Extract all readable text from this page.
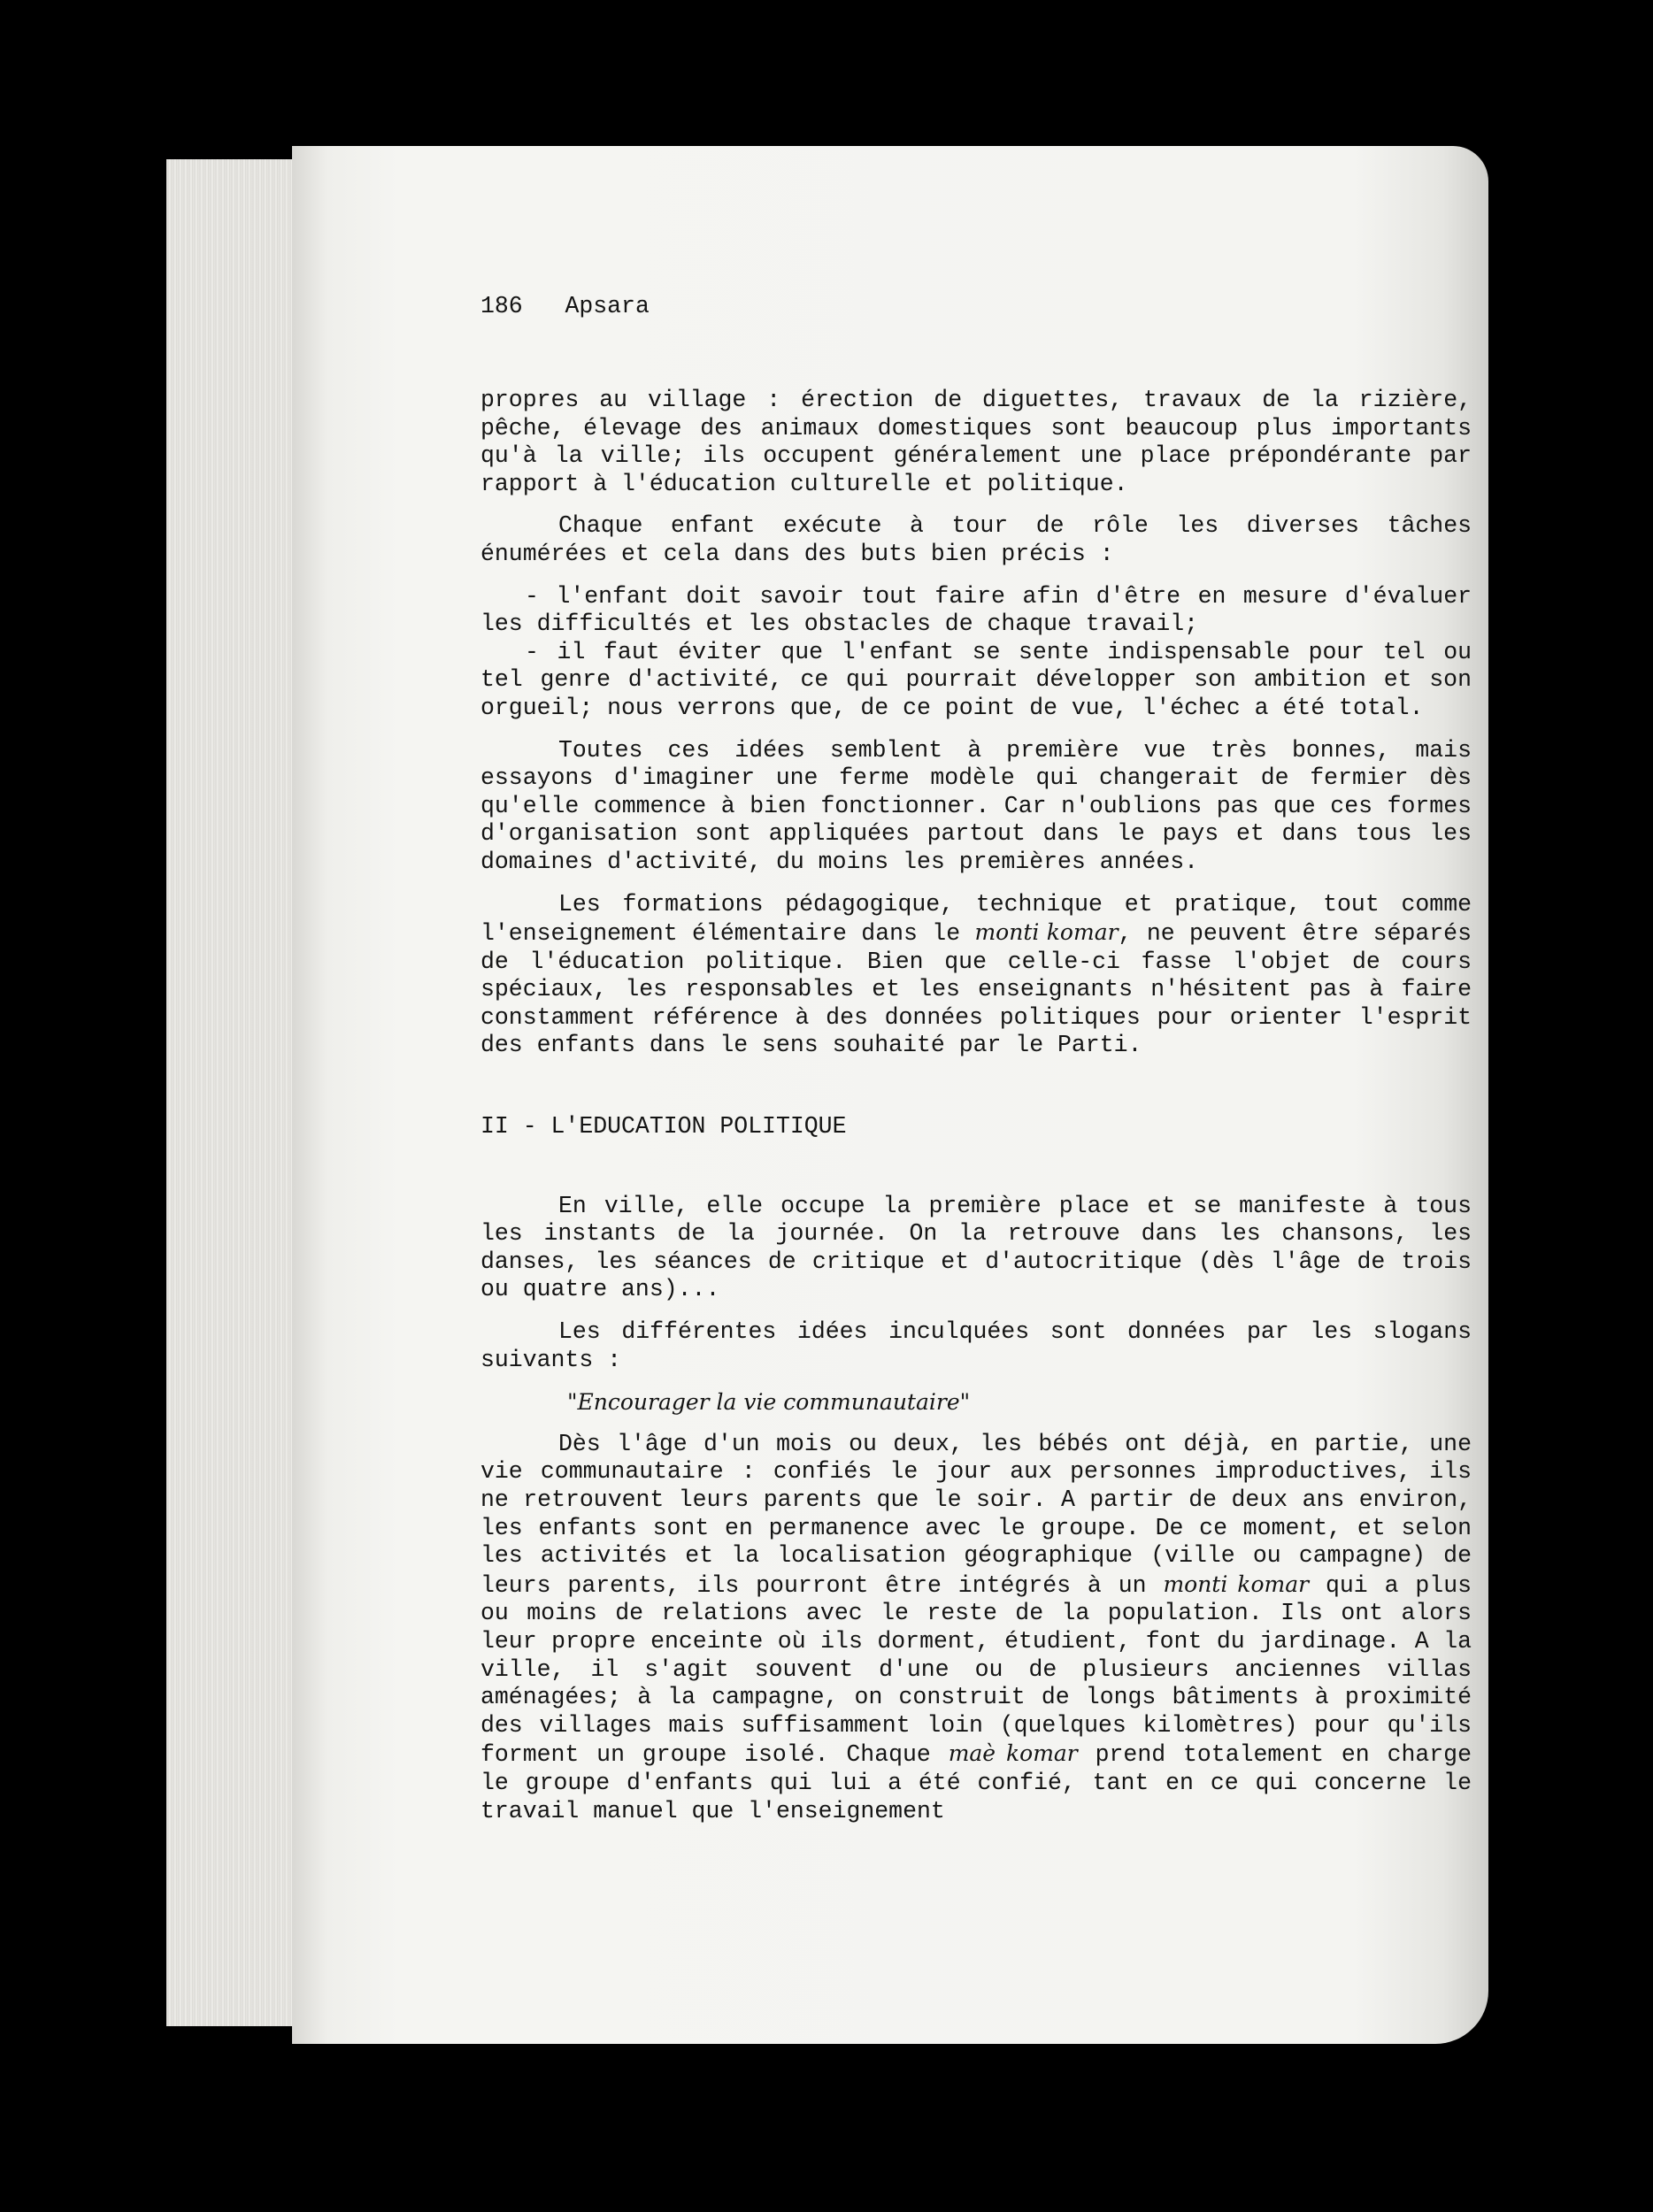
186 Apsara

propres au village : érection de diguettes, travaux de la rizière, pêche, élevage des animaux domestiques sont beaucoup plus importants qu'à la ville; ils occupent généralement une place prépondérante par rapport à l'éducation culturelle et politique.

Chaque enfant exécute à tour de rôle les diverses tâches énumérées et cela dans des buts bien précis :

- l'enfant doit savoir tout faire afin d'être en mesure d'évaluer les difficultés et les obstacles de chaque travail;

- il faut éviter que l'enfant se sente indispensable pour tel ou tel genre d'activité, ce qui pourrait développer son ambition et son orgueil; nous verrons que, de ce point de vue, l'échec a été total.

Toutes ces idées semblent à première vue très bonnes, mais essayons d'imaginer une ferme modèle qui changerait de fermier dès qu'elle commence à bien fonctionner. Car n'oublions pas que ces formes d'organisation sont appliquées partout dans le pays et dans tous les domaines d'activité, du moins les premières années.

Les formations pédagogique, technique et pratique, tout comme l'enseignement élémentaire dans le monti komar, ne peuvent être séparés de l'éducation politique. Bien que celle-ci fasse l'objet de cours spéciaux, les responsables et les enseignants n'hésitent pas à faire constamment référence à des données politiques pour orienter l'esprit des enfants dans le sens souhaité par le Parti.

II - L'EDUCATION POLITIQUE

En ville, elle occupe la première place et se manifeste à tous les instants de la journée. On la retrouve dans les chansons, les danses, les séances de critique et d'autocritique (dès l'âge de trois ou quatre ans)...

Les différentes idées inculquées sont données par les slogans suivants :

"Encourager la vie communautaire"

Dès l'âge d'un mois ou deux, les bébés ont déjà, en partie, une vie communautaire : confiés le jour aux personnes improductives, ils ne retrouvent leurs parents que le soir. A partir de deux ans environ, les enfants sont en permanence avec le groupe. De ce moment, et selon les activités et la localisation géographique (ville ou campagne) de leurs parents, ils pourront être intégrés à un monti komar qui a plus ou moins de relations avec le reste de la population. Ils ont alors leur propre enceinte où ils dorment, étudient, font du jardinage. A la ville, il s'agit souvent d'une ou de plusieurs anciennes villas aménagées; à la campagne, on construit de longs bâtiments à proximité des villages mais suffisamment loin (quelques kilomètres) pour qu'ils forment un groupe isolé. Chaque maè komar prend totalement en charge le groupe d'enfants qui lui a été confié, tant en ce qui concerne le travail manuel que l'enseignement
